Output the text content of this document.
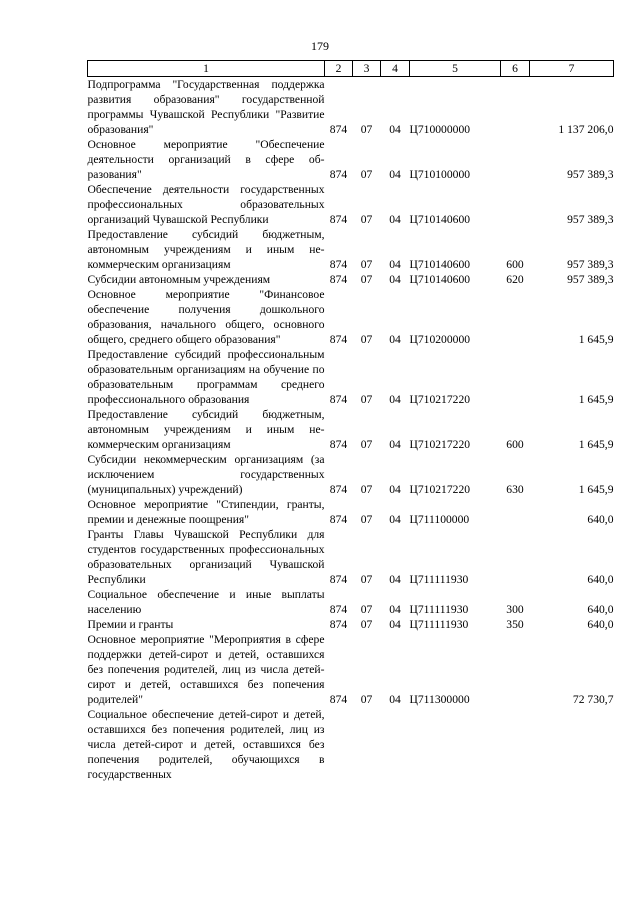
179
1	2	3	4	5	6	7
Подпрограмма "Государственная поддержка развития образования" государственной программы Чувашской Республики "Развитие образования"	874	07	04	Ц710000000		1 137 206,0
Основное мероприятие "Обеспечение деятельности организаций в сфере образования"	874	07	04	Ц710100000		957 389,3
Обеспечение деятельности государственных профессиональных образовательных организаций Чувашской Республики	874	07	04	Ц710140600		957 389,3
Предоставление субсидий бюджетным, автономным учреждениям и иным некоммерческим организациям	874	07	04	Ц710140600	600	957 389,3
Субсидии автономным учреждениям	874	07	04	Ц710140600	620	957 389,3
Основное мероприятие "Финансовое обеспечение получения дошкольного образования, начального общего, основного общего, среднего общего образования"	874	07	04	Ц710200000		1 645,9
Предоставление субсидий профессиональным образовательным организациям на обучение по образовательным программам среднего профессионального образования	874	07	04	Ц710217220		1 645,9
Предоставление субсидий бюджетным, автономным учреждениям и иным некоммерческим организациям	874	07	04	Ц710217220	600	1 645,9
Субсидии некоммерческим организациям (за исключением государственных (муниципальных) учреждений)	874	07	04	Ц710217220	630	1 645,9
Основное мероприятие "Стипендии, гранты, премии и денежные поощрения"	874	07	04	Ц711100000		640,0
Гранты Главы Чувашской Республики для студентов государственных профессиональных образовательных организаций Чувашской Республики	874	07	04	Ц711111930		640,0
Социальное обеспечение и иные выплаты населению	874	07	04	Ц711111930	300	640,0
Премии и гранты	874	07	04	Ц711111930	350	640,0
Основное мероприятие "Мероприятия в сфере поддержки детей-сирот и детей, оставшихся без попечения родителей, лиц из числа детей-сирот и детей, оставшихся без попечения родителей"	874	07	04	Ц711300000		72 730,7
Социальное обеспечение детей-сирот и детей, оставшихся без попечения родителей, лиц из числа детей-сирот и детей, оставшихся без попечения родителей, обучающихся в государственных						
